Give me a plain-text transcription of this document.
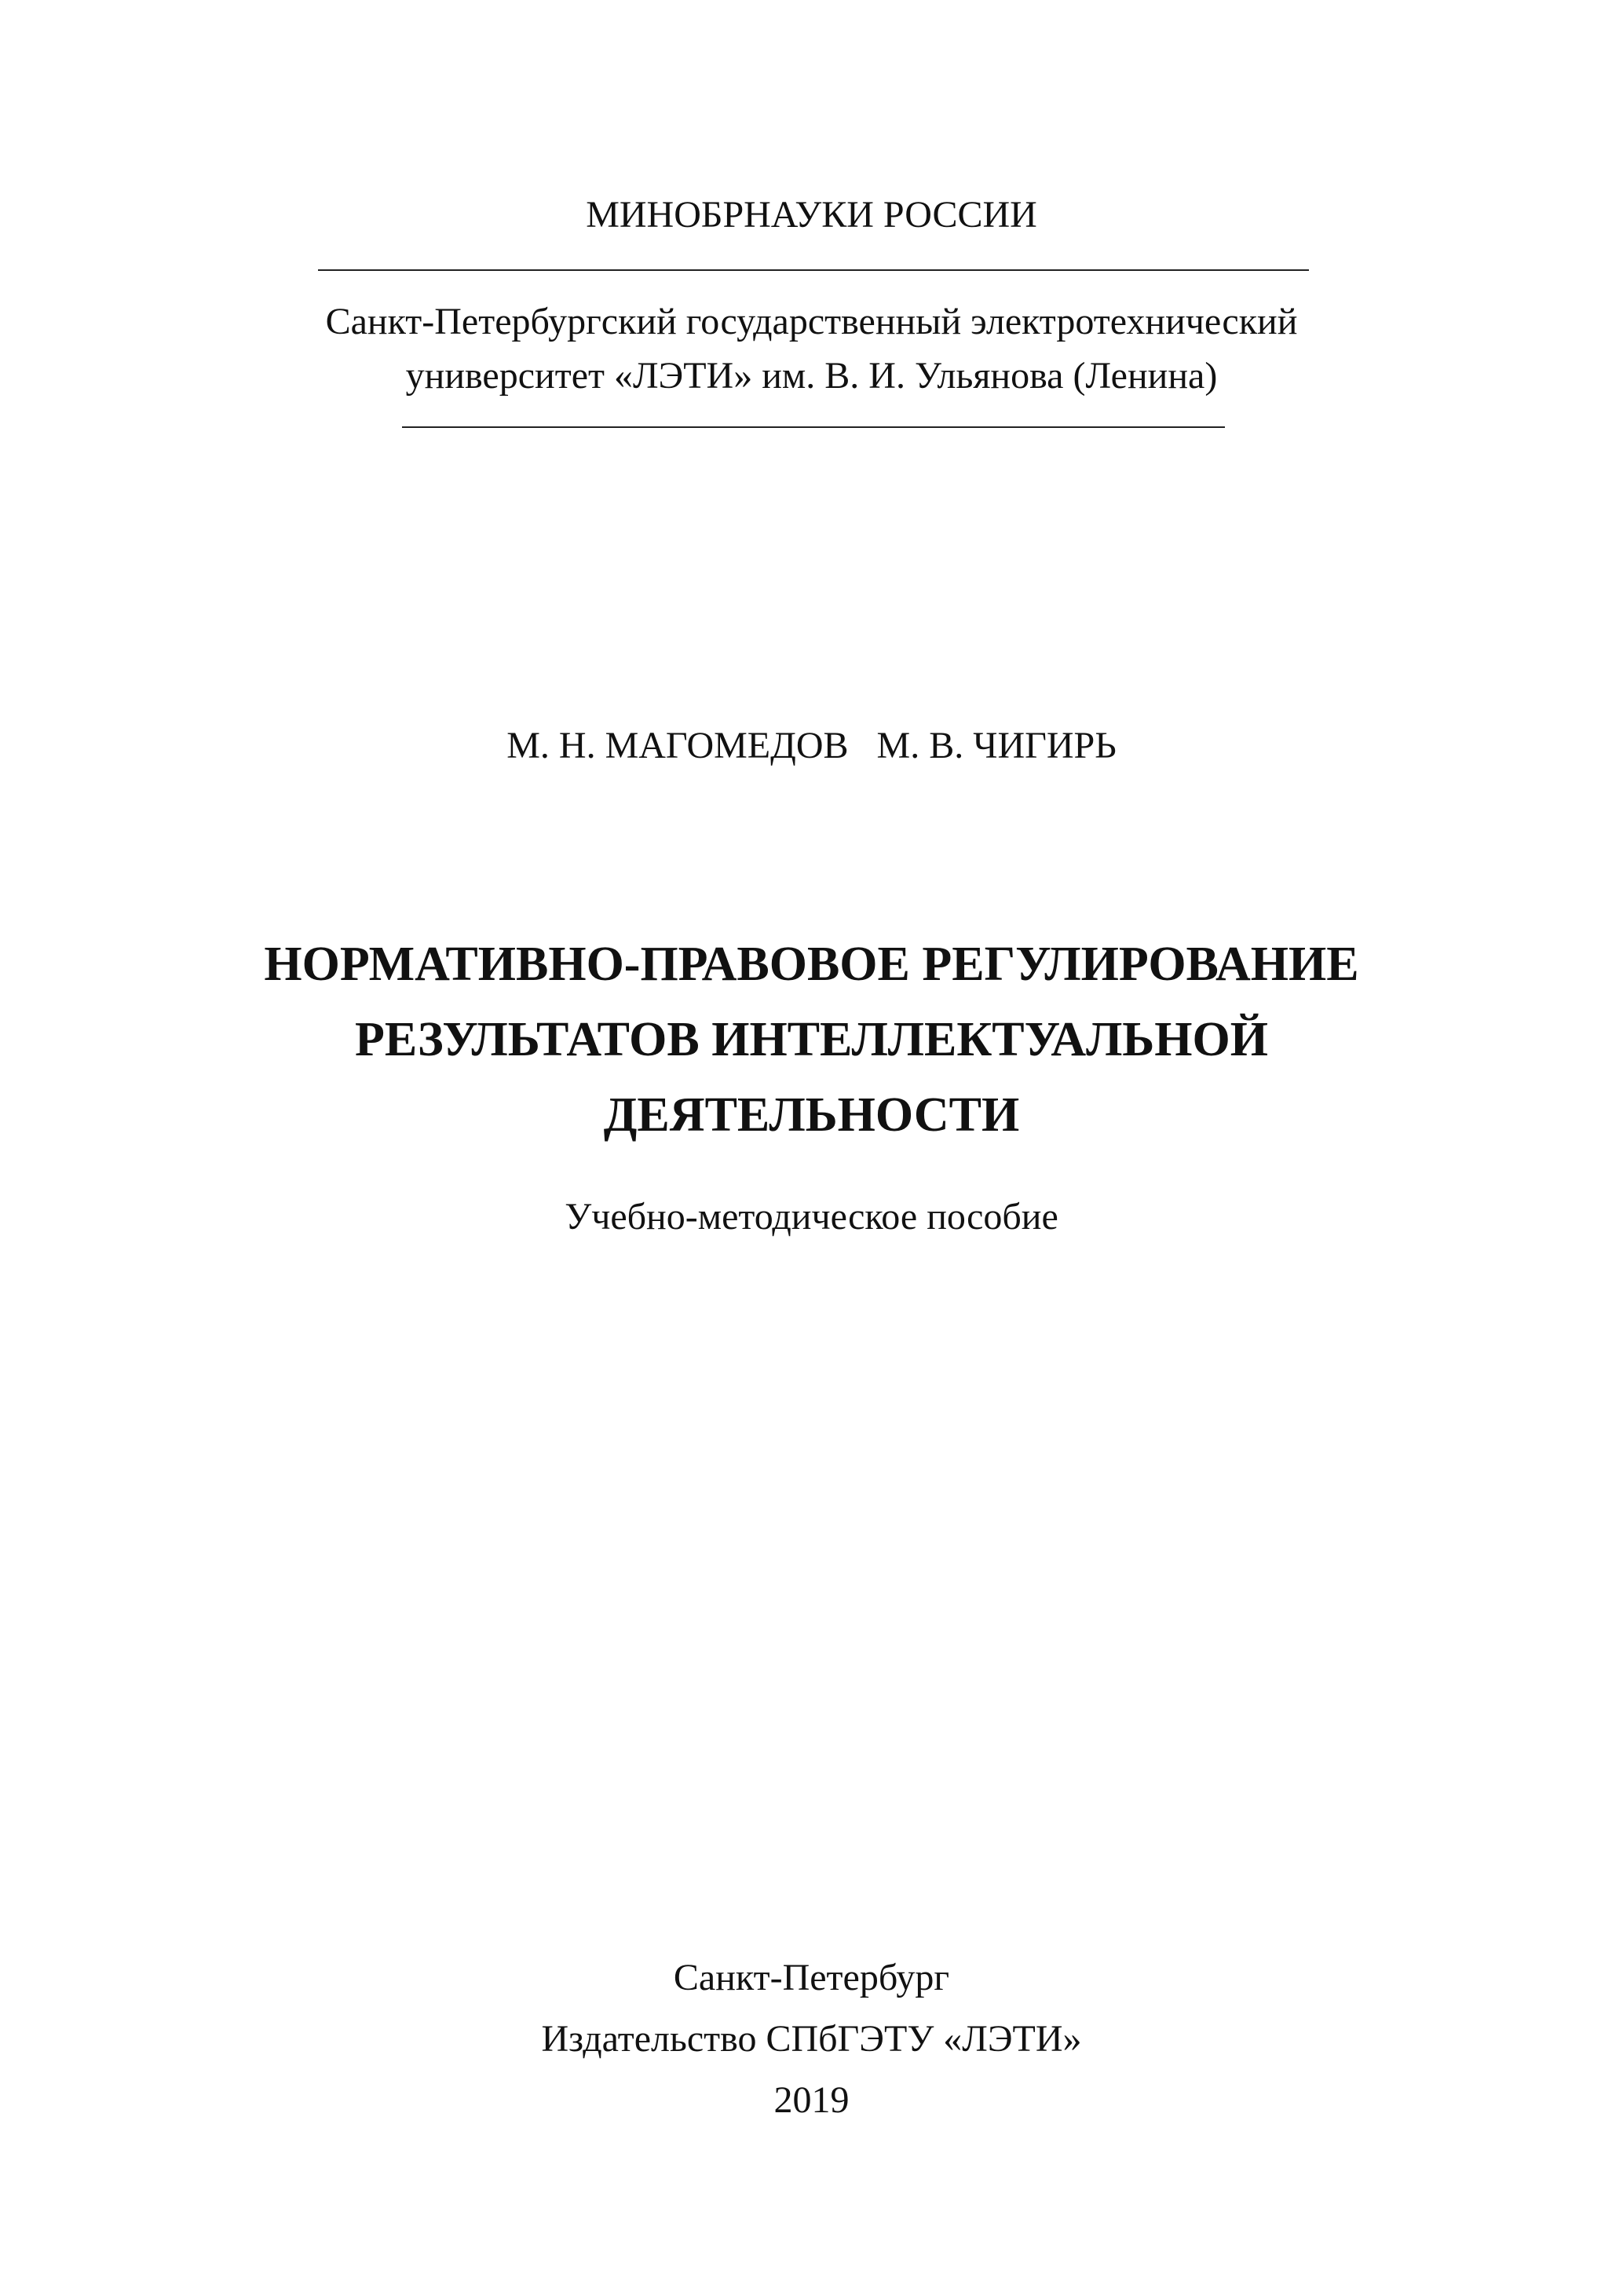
МИНОБРНАУКИ РОССИИ
Санкт-Петербургский государственный электротехнический
университет «ЛЭТИ» им. В. И. Ульянова (Ленина)
М. Н. МАГОМЕДОВ   М. В. ЧИГИРЬ
НОРМАТИВНО-ПРАВОВОЕ РЕГУЛИРОВАНИЕ
РЕЗУЛЬТАТОВ ИНТЕЛЛЕКТУАЛЬНОЙ
ДЕЯТЕЛЬНОСТИ
Учебно-методическое пособие
Санкт-Петербург
Издательство СПбГЭТУ «ЛЭТИ»
2019
